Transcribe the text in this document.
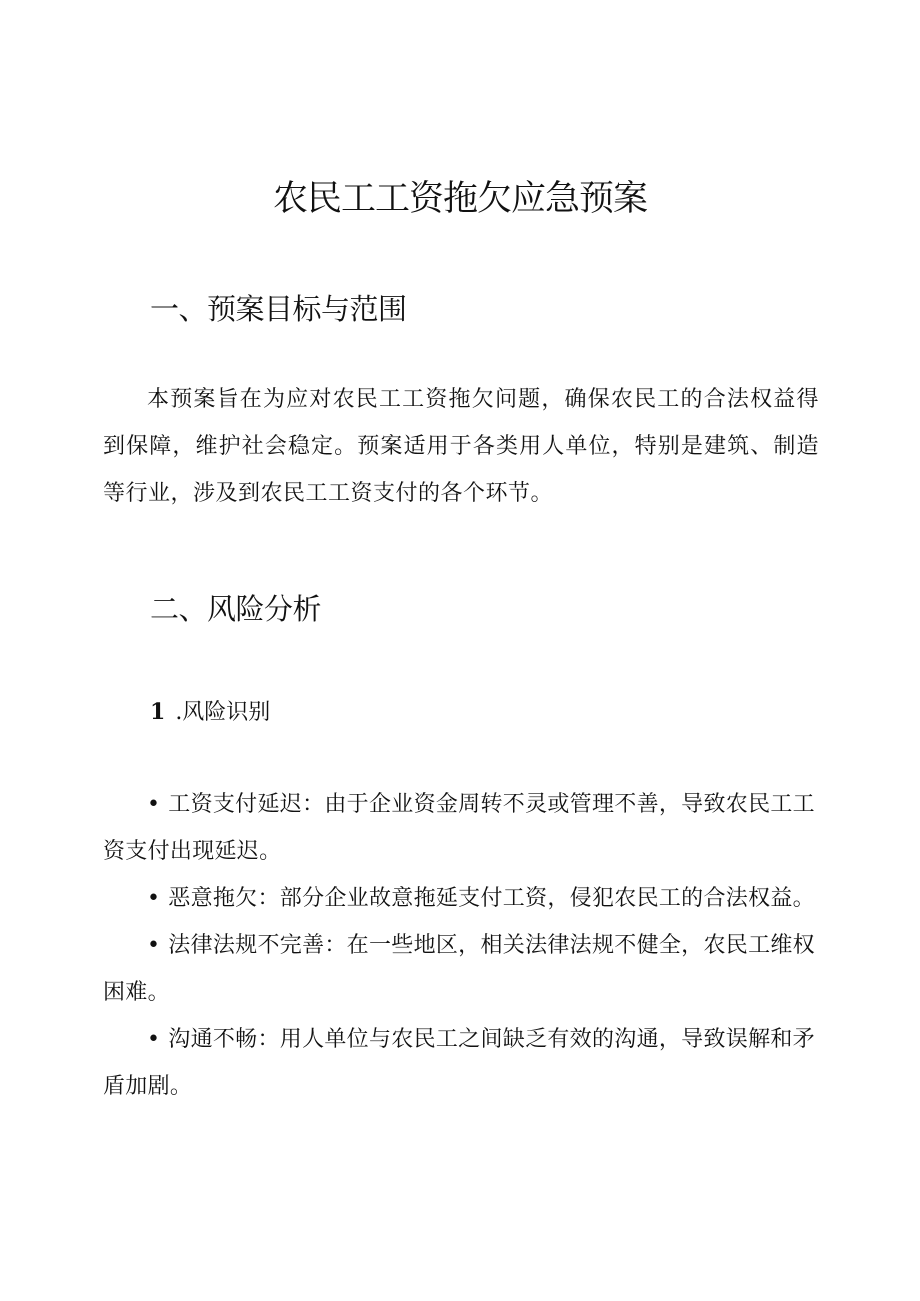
农民工工资拖欠应急预案
一、预案目标与范围

本预案旨在为应对农民工工资拖欠问题，确保农民工的合法权益得到保障，维护社会稳定。预案适用于各类用人单位，特别是建筑、制造等行业，涉及到农民工工资支付的各个环节。

二、风险分析

1 .风险识别

• 工资支付延迟：由于企业资金周转不灵或管理不善，导致农民工工资支付出现延迟。
• 恶意拖欠：部分企业故意拖延支付工资，侵犯农民工的合法权益。
• 法律法规不完善：在一些地区，相关法律法规不健全，农民工维权困难。
• 沟通不畅：用人单位与农民工之间缺乏有效的沟通，导致误解和矛盾加剧。
